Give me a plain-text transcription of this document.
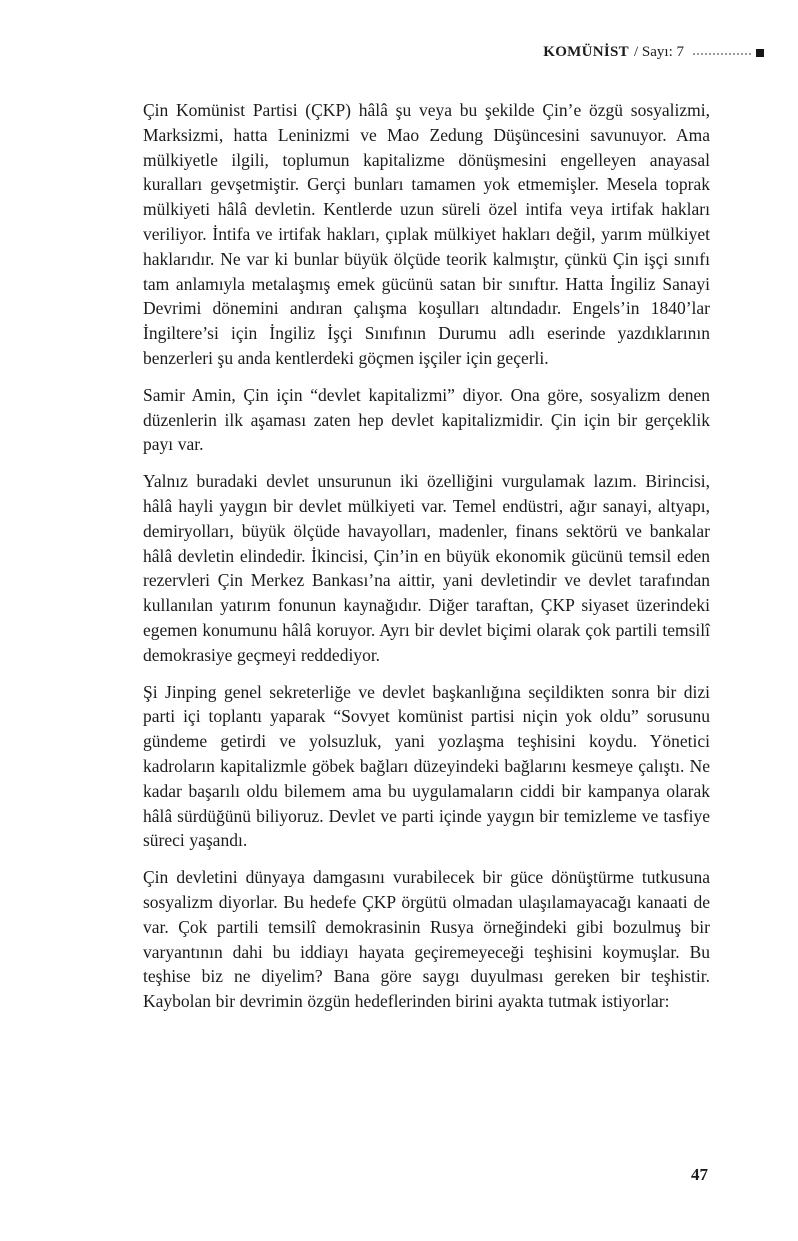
KOMÜNİST / Sayı: 7

Çin Komünist Partisi (ÇKP) hâlâ şu veya bu şekilde Çin’e özgü sosyalizmi, Marksizmi, hatta Leninizmi ve Mao Zedung Düşüncesini savunuyor. Ama mülkiyetle ilgili, toplumun kapitalizme dönüşmesini engelleyen anayasal kuralları gevşetmiştir. Gerçi bunları tamamen yok etmemişler. Mesela toprak mülkiyeti hâlâ devletin. Kentlerde uzun süreli özel intifa veya irtifak hakları veriliyor. İntifa ve irtifak hakları, çıplak mülkiyet hakları değil, yarım mülkiyet haklarıdır. Ne var ki bunlar büyük ölçüde teorik kalmıştır, çünkü Çin işçi sınıfı tam anlamıyla metalaşmış emek gücünü satan bir sınıftır. Hatta İngiliz Sanayi Devrimi dönemini andıran çalışma koşulları altındadır. Engels’in 1840’lar İngiltere’si için İngiliz İşçi Sınıfının Durumu adlı eserinde yazdıklarının benzerleri şu anda kentlerdeki göçmen işçiler için geçerli.

Samir Amin, Çin için “devlet kapitalizmi” diyor. Ona göre, sosyalizm denen düzenlerin ilk aşaması zaten hep devlet kapitalizmidir. Çin için bir gerçeklik payı var.

Yalnız buradaki devlet unsurunun iki özelliğini vurgulamak lazım. Birincisi, hâlâ hayli yaygın bir devlet mülkiyeti var. Temel endüstri, ağır sanayi, altyapı, demiryolları, büyük ölçüde havayolları, madenler, finans sektörü ve bankalar hâlâ devletin elindedir. İkincisi, Çin’in en büyük ekonomik gücünü temsil eden rezervleri Çin Merkez Bankası’na aittir, yani devletindir ve devlet tarafından kullanılan yatırım fonunun kaynağıdır. Diğer taraftan, ÇKP siyaset üzerindeki egemen konumunu hâlâ koruyor. Ayrı bir devlet biçimi olarak çok partili temsilî demokrasiye geçmeyi reddediyor.

Şi Jinping genel sekreterliğe ve devlet başkanlığına seçildikten sonra bir dizi parti içi toplantı yaparak “Sovyet komünist partisi niçin yok oldu” sorusunu gündeme getirdi ve yolsuzluk, yani yozlaşma teşhisini koydu. Yönetici kadroların kapitalizmle göbek bağları düzeyindeki bağlarını kesmeye çalıştı. Ne kadar başarılı oldu bilemem ama bu uygulamaların ciddi bir kampanya olarak hâlâ sürdüğünü biliyoruz. Devlet ve parti içinde yaygın bir temizleme ve tasfiye süreci yaşandı.

Çin devletini dünyaya damgasını vurabilecek bir güce dönüştürme tutkusuna sosyalizm diyorlar. Bu hedefe ÇKP örgütü olmadan ulaşılamayacağı kanaati de var. Çok partili temsilî demokrasinin Rusya örneğindeki gibi bozulmuş bir varyantının dahi bu iddiayı hayata geçiremeyeceği teşhisini koymuşlar. Bu teşhise biz ne diyelim? Bana göre saygı duyulması gereken bir teşhistir. Kaybolan bir devrimin özgün hedeflerinden birini ayakta tutmak istiyorlar:

47
